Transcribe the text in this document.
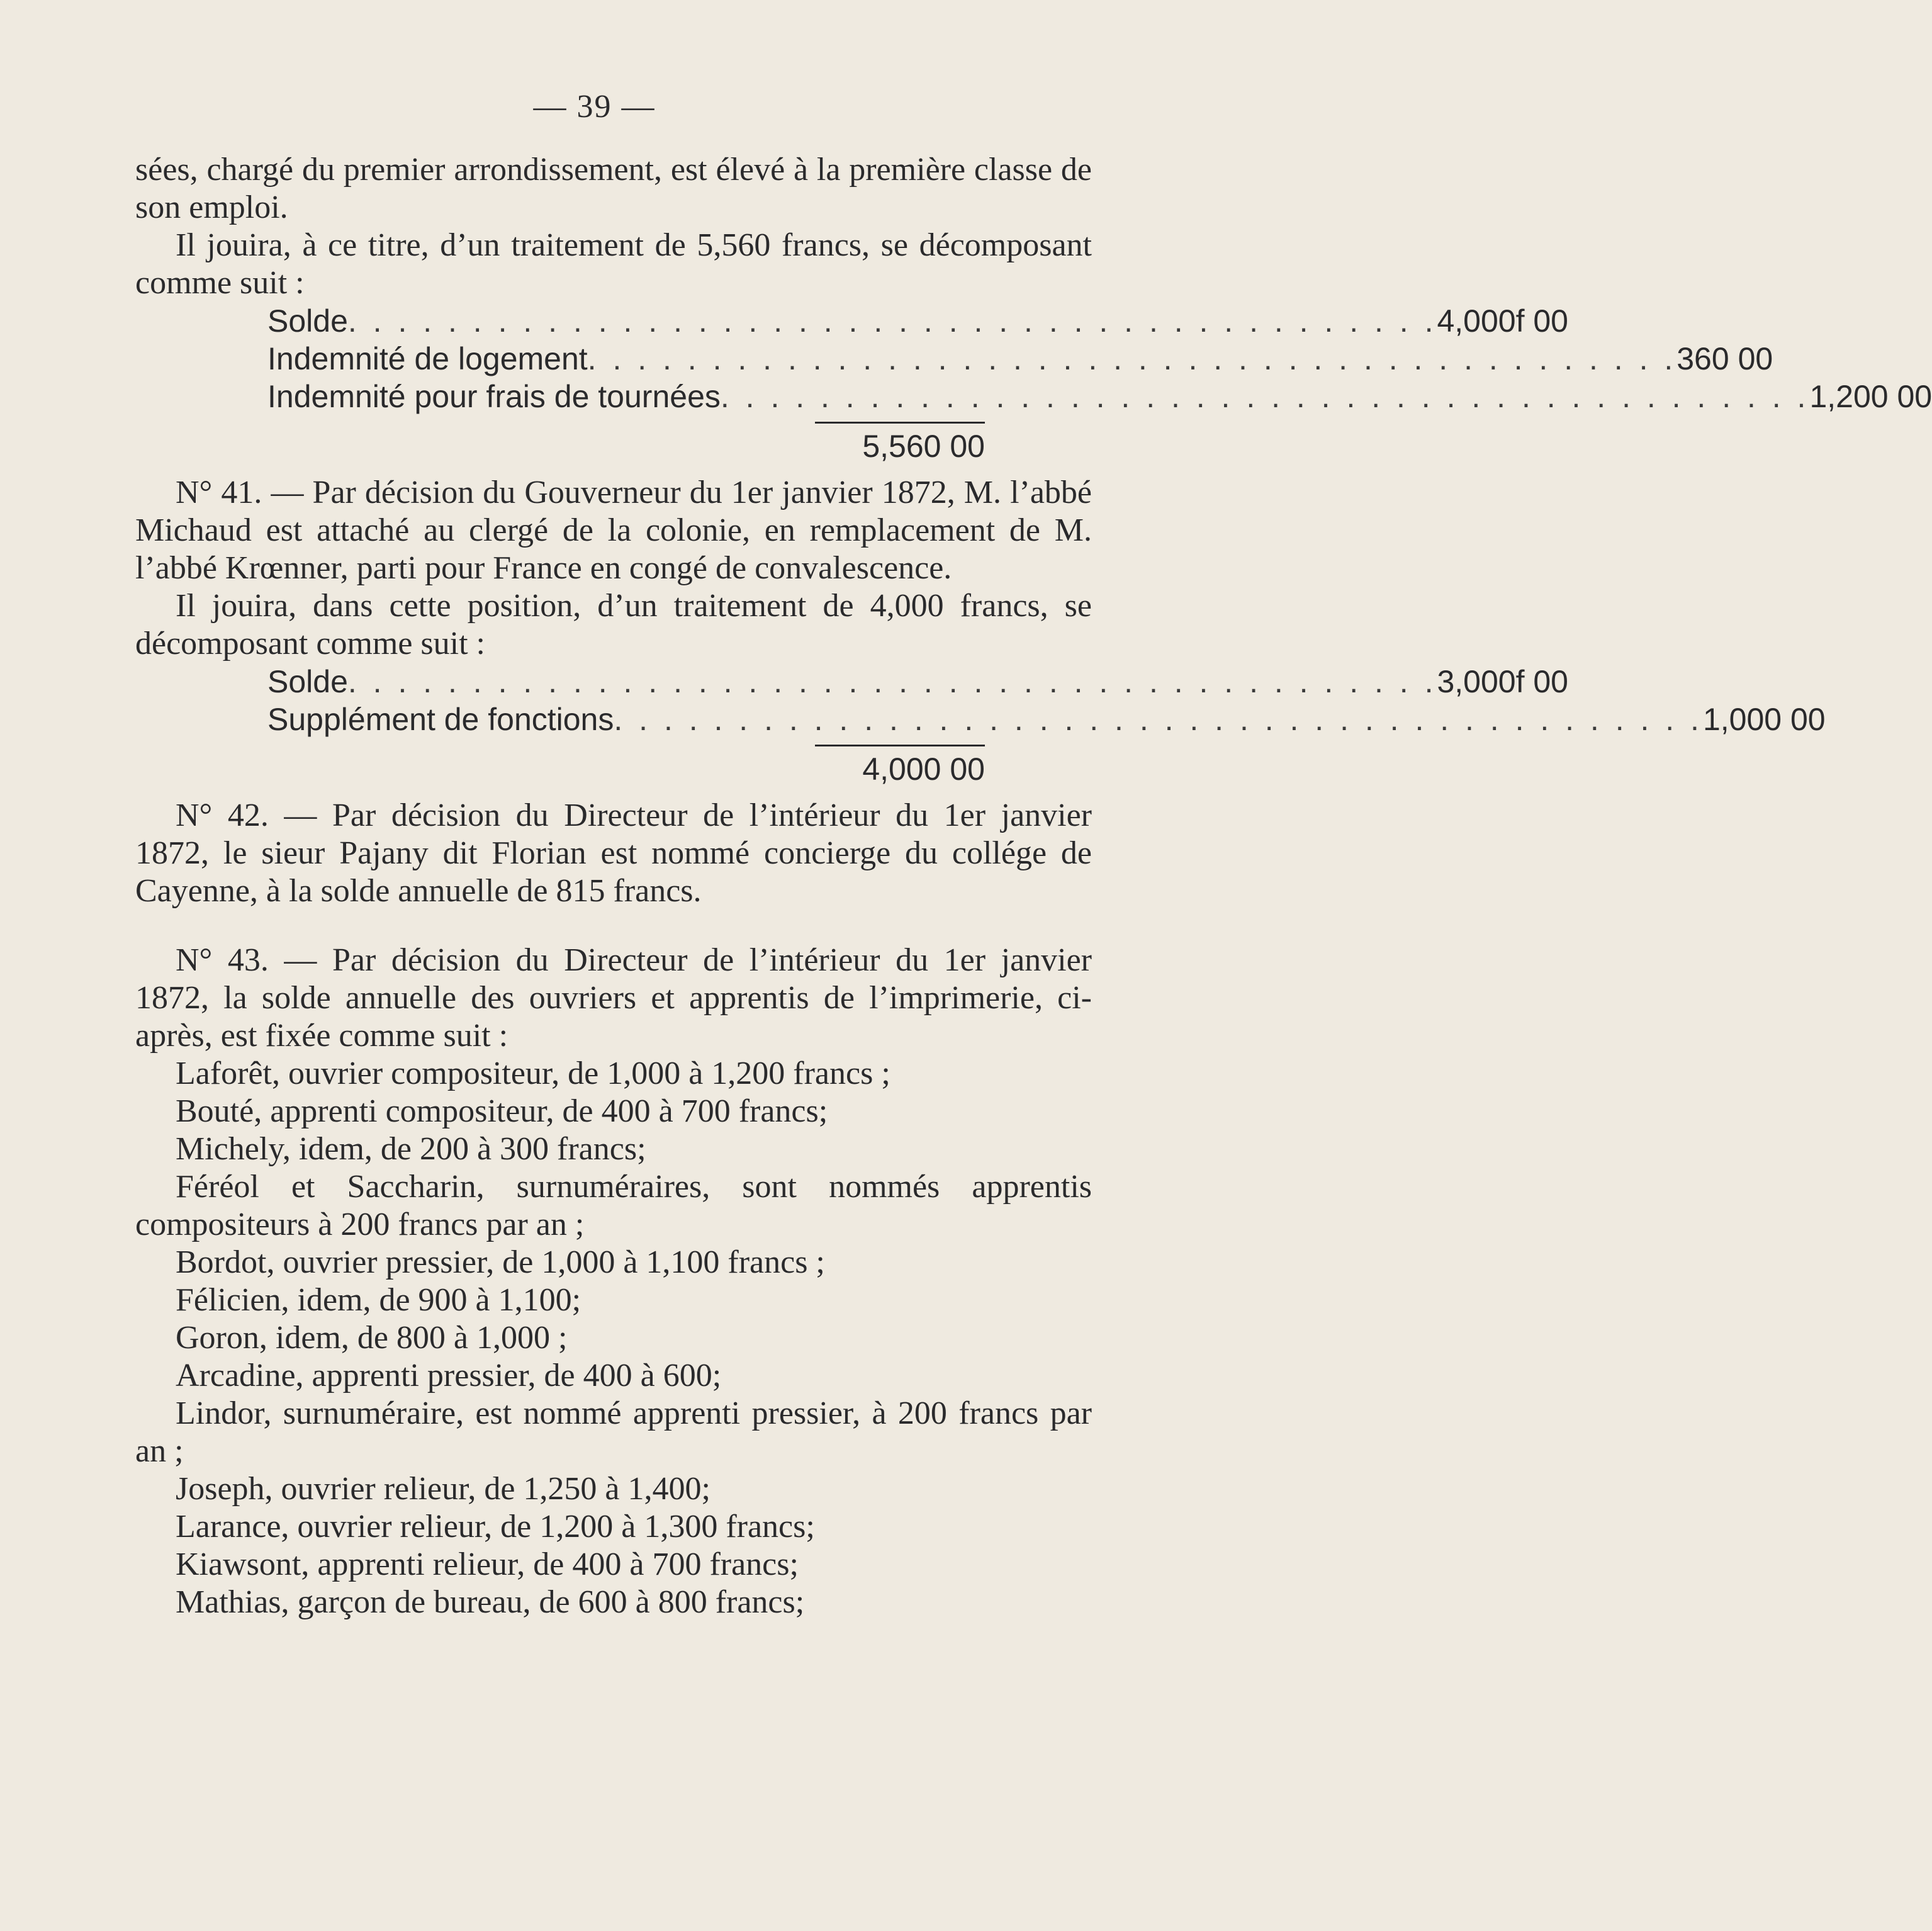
— 39 —

sées, chargé du premier arrondissement, est élevé à la première classe de son emploi.

Il jouira, à ce titre, d’un traitement de 5,560 francs, se décomposant comme suit :

Solde . . . . . . . . . . . . . . . . . . . . . . . . . . . . . . . . . . . . . . . . . . . . 4,000f 00
Indemnité de logement . . . . . . . . . . . . . . . . . . . . . . . . . . . . . . . . . . . . . . . . . . . . 360 00
Indemnité pour frais de tournées . . . . . . . . . . . . . . . . . . . . . . . . . . . . . . . . . . . . . . . . . . . . 1,200 00
5,560 00

N° 41. — Par décision du Gouverneur du 1er janvier 1872, M. l’abbé Michaud est attaché au clergé de la colonie, en remplacement de M. l’abbé Krœnner, parti pour France en congé de convalescence.

Il jouira, dans cette position, d’un traitement de 4,000 francs, se décomposant comme suit :

Solde . . . . . . . . . . . . . . . . . . . . . . . . . . . . . . . . . . . . . . . . . . . . 3,000f 00
Supplément de fonctions . . . . . . . . . . . . . . . . . . . . . . . . . . . . . . . . . . . . . . . . . . . . 1,000 00
4,000 00

N° 42. — Par décision du Directeur de l’intérieur du 1er janvier 1872, le sieur Pajany dit Florian est nommé concierge du collége de Cayenne, à la solde annuelle de 815 francs.

N° 43. — Par décision du Directeur de l’intérieur du 1er janvier 1872, la solde annuelle des ouvriers et apprentis de l’imprimerie, ci-après, est fixée comme suit :

Laforêt, ouvrier compositeur, de 1,000 à 1,200 francs ;

Bouté, apprenti compositeur, de 400 à 700 francs;

Michely, idem, de 200 à 300 francs;

Féréol et Saccharin, surnuméraires, sont nommés apprentis compositeurs à 200 francs par an ;

Bordot, ouvrier pressier, de 1,000 à 1,100 francs ;

Félicien, idem, de 900 à 1,100;

Goron, idem, de 800 à 1,000 ;

Arcadine, apprenti pressier, de 400 à 600;

Lindor, surnuméraire, est nommé apprenti pressier, à 200 francs par an ;

Joseph, ouvrier relieur, de 1,250 à 1,400;

Larance, ouvrier relieur, de 1,200 à 1,300 francs;

Kiawsont, apprenti relieur, de 400 à 700 francs;

Mathias, garçon de bureau, de 600 à 800 francs;
